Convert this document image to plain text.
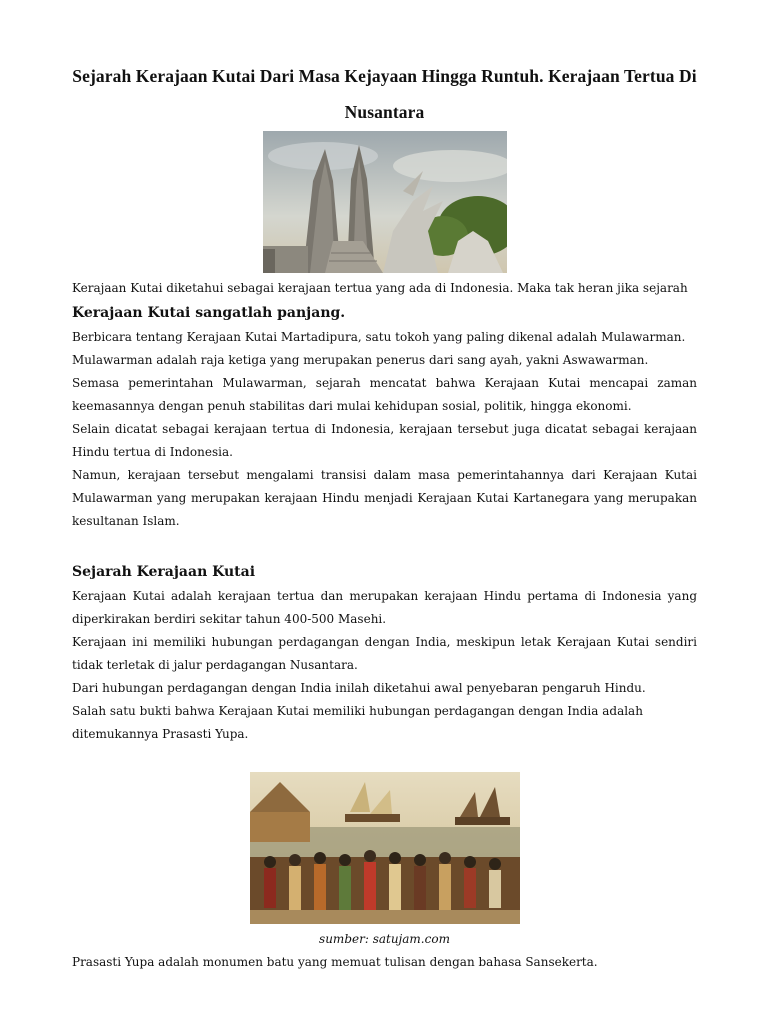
Sejarah Kerajaan Kutai Dari Masa Kejayaan Hingga Runtuh. Kerajaan Tertua Di Nusantara

Kerajaan Kutai diketahui sebagai kerajaan tertua yang ada di Indonesia. Maka tak heran jika sejarah

Kerajaan Kutai sangatlah panjang.

Berbicara tentang Kerajaan Kutai Martadipura, satu tokoh yang paling dikenal adalah Mulawarman.

Mulawarman adalah raja ketiga yang merupakan penerus dari sang ayah, yakni Aswawarman.

Semasa pemerintahan Mulawarman, sejarah mencatat bahwa Kerajaan Kutai mencapai zaman keemasannya dengan penuh stabilitas dari mulai kehidupan sosial, politik, hingga ekonomi.

Selain dicatat sebagai kerajaan tertua di Indonesia, kerajaan tersebut juga dicatat sebagai kerajaan Hindu tertua di Indonesia.

Namun, kerajaan tersebut mengalami transisi dalam masa pemerintahannya dari Kerajaan Kutai Mulawarman yang merupakan kerajaan Hindu menjadi Kerajaan Kutai Kartanegara yang merupakan kesultanan Islam.

Sejarah Kerajaan Kutai

Kerajaan Kutai adalah kerajaan tertua dan merupakan kerajaan Hindu pertama di Indonesia yang diperkirakan berdiri sekitar tahun 400-500 Masehi.

Kerajaan ini memiliki hubungan perdagangan dengan India, meskipun letak Kerajaan Kutai sendiri tidak terletak di jalur perdagangan Nusantara.

Dari hubungan perdagangan dengan India inilah diketahui awal penyebaran pengaruh Hindu.

Salah satu bukti bahwa Kerajaan Kutai memiliki hubungan perdagangan dengan India adalah ditemukannya Prasasti Yupa.

sumber: satujam.com

Prasasti Yupa adalah monumen batu yang memuat tulisan dengan bahasa Sansekerta.
